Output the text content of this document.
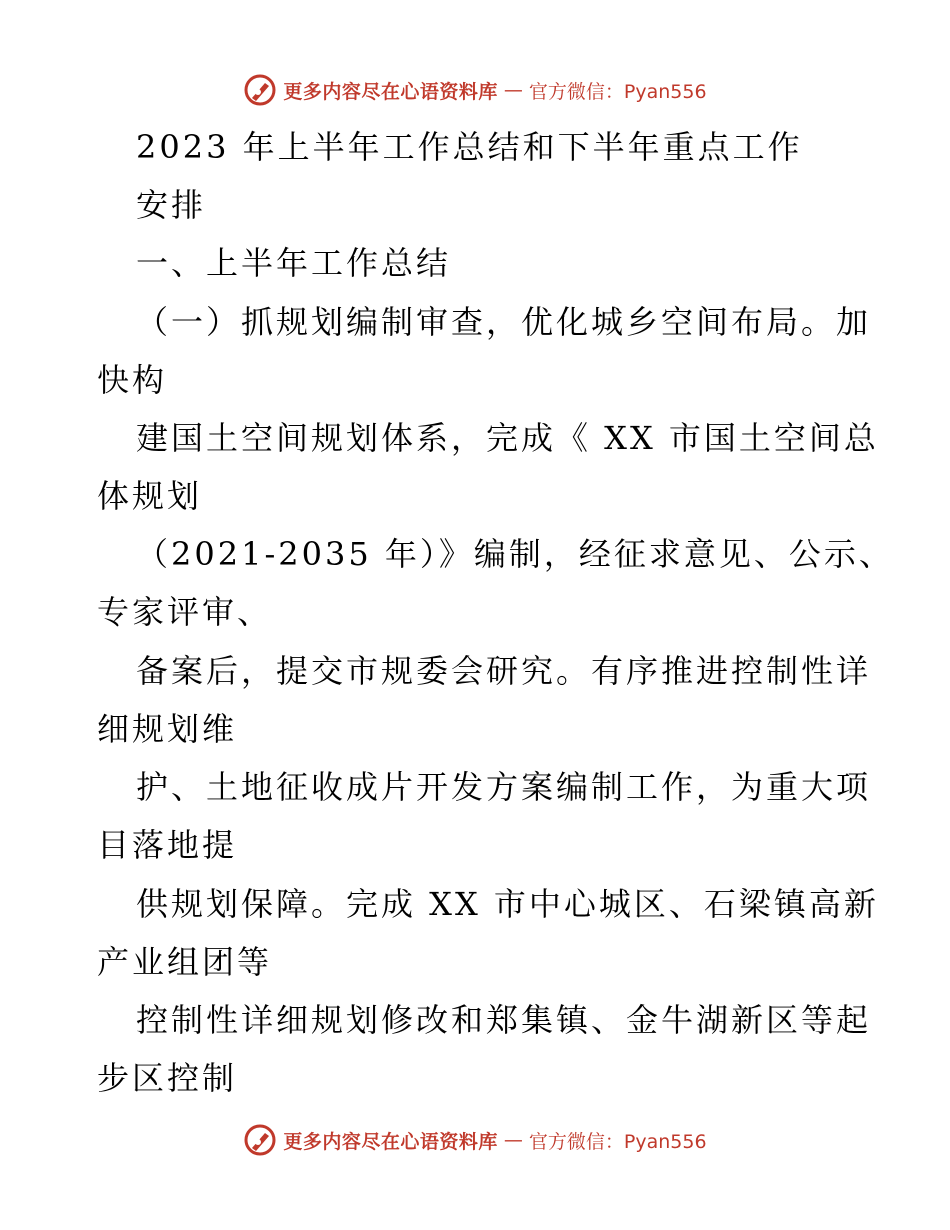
更多内容尽在心语资料库 — 官方微信：Pyan556
2023 年上半年工作总结和下半年重点工作
安排
一、上半年工作总结
（一）抓规划编制审查，优化城乡空间布局。加
快构
建国土空间规划体系，完成《 XX 市国土空间总
体规划
（2021-2035 年）》编制，经征求意见、公示、
专家评审、
备案后，提交市规委会研究。有序推进控制性详
细规划维
护、土地征收成片开发方案编制工作，为重大项
目落地提
供规划保障。完成 XX 市中心城区、石梁镇高新
产业组团等
控制性详细规划修改和郑集镇、金牛湖新区等起
步区控制
更多内容尽在心语资料库 — 官方微信：Pyan556
